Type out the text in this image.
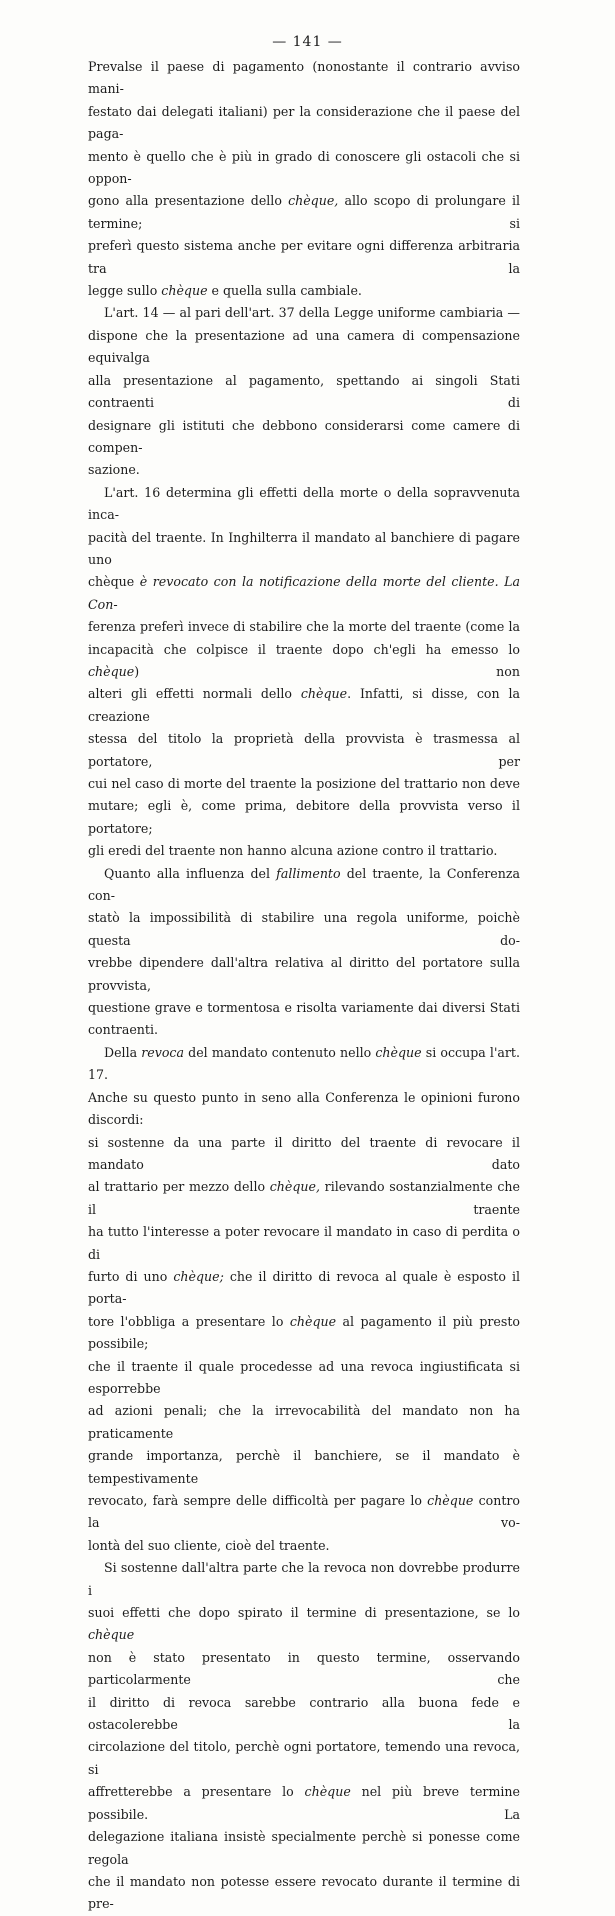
— 141 —

Prevalse il paese di pagamento (nonostante il contrario avviso mani-

festato dai delegati italiani) per la considerazione che il paese del paga-

mento è quello che è più in grado di conoscere gli ostacoli che si oppon-

gono alla presentazione dello chèque, allo scopo di prolungare il termine; si

preferì questo sistema anche per evitare ogni differenza arbitraria tra la

legge sullo chèque e quella sulla cambiale.

L'art. 14 — al pari dell'art. 37 della Legge uniforme cambiaria —

dispone che la presentazione ad una camera di compensazione equivalga

alla presentazione al pagamento, spettando ai singoli Stati contraenti di

designare gli istituti che debbono considerarsi come camere di compen-

sazione.

L'art. 16 determina gli effetti della morte o della sopravvenuta inca-

pacità del traente. In Inghilterra il mandato al banchiere di pagare uno

chèque è revocato con la notificazione della morte del cliente. La Con-

ferenza preferì invece di stabilire che la morte del traente (come la

incapacità che colpisce il traente dopo ch'egli ha emesso lo chèque) non

alteri gli effetti normali dello chèque. Infatti, si disse, con la creazione

stessa del titolo la proprietà della provvista è trasmessa al portatore, per

cui nel caso di morte del traente la posizione del trattario non deve

mutare; egli è, come prima, debitore della provvista verso il portatore;

gli eredi del traente non hanno alcuna azione contro il trattario.

Quanto alla influenza del fallimento del traente, la Conferenza con-

statò la impossibilità di stabilire una regola uniforme, poichè questa do-

vrebbe dipendere dall'altra relativa al diritto del portatore sulla provvista,

questione grave e tormentosa e risolta variamente dai diversi Stati

contraenti.

Della revoca del mandato contenuto nello chèque si occupa l'art. 17.

Anche su questo punto in seno alla Conferenza le opinioni furono discordi:

si sostenne da una parte il diritto del traente di revocare il mandato dato

al trattario per mezzo dello chèque, rilevando sostanzialmente che il traente

ha tutto l'interesse a poter revocare il mandato in caso di perdita o di

furto di uno chèque; che il diritto di revoca al quale è esposto il porta-

tore l'obbliga a presentare lo chèque al pagamento il più presto possibile;

che il traente il quale procedesse ad una revoca ingiustificata si esporrebbe

ad azioni penali; che la irrevocabilità del mandato non ha praticamente

grande importanza, perchè il banchiere, se il mandato è tempestivamente

revocato, farà sempre delle difficoltà per pagare lo chèque contro la vo-

lontà del suo cliente, cioè del traente.

Si sostenne dall'altra parte che la revoca non dovrebbe produrre i

suoi effetti che dopo spirato il termine di presentazione, se lo chèque

non è stato presentato in questo termine, osservando particolarmente che

il diritto di revoca sarebbe contrario alla buona fede e ostacolerebbe la

circolazione del titolo, perchè ogni portatore, temendo una revoca, si

affretterebbe a presentare lo chèque nel più breve termine possibile. La

delegazione italiana insistè specialmente perchè si ponesse come regola

che il mandato non potesse essere revocato durante il termine di pre-
